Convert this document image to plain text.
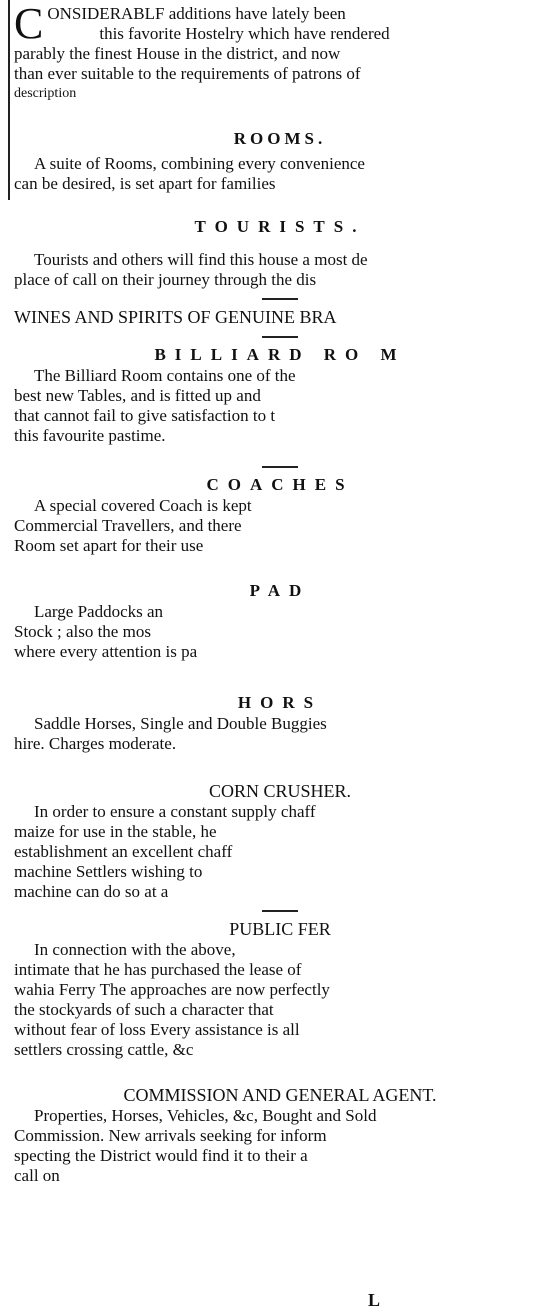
C ONSIDERABLF additions have lately been

this favorite Hostelry which have rendered

parably the finest House in the district, and now

than ever suitable to the requirements of patrons of

description

ROOMS.

A suite of Rooms, combining every convenience

can be desired, is set apart for families

TOURISTS.

Tourists and others will find this house a most de

place of call on their journey through the dis

WINES AND SPIRITS OF GENUINE BRA
BILLIARD RO M

The Billiard Room contains one of the

best new Tables, and is fitted up and

that cannot fail to give satisfaction to t

this favourite pastime.

COACHES

A special covered Coach is kept

Commercial Travellers, and there

Room set apart for their use

PAD

Large Paddocks an

Stock ; also the mos

where every attention is pa

HORS

Saddle Horses, Single and Double Buggies

hire. Charges moderate.

CORN CRUSHER.

In order to ensure a constant supply chaff

maize for use in the stable, he

establishment an excellent chaff

machine Settlers wishing to

machine can do so at a

PUBLIC FER

In connection with the above,

intimate that he has purchased the lease of

wahia Ferry The approaches are now perfectly

the stockyards of such a character that

without fear of loss Every assistance is all

settlers crossing cattle, &c

COMMISSION AND GENERAL AGENT.

Properties, Horses, Vehicles, &c, Bought and Sold

Commission. New arrivals seeking for inform

specting the District would find it to their a

call on

L
